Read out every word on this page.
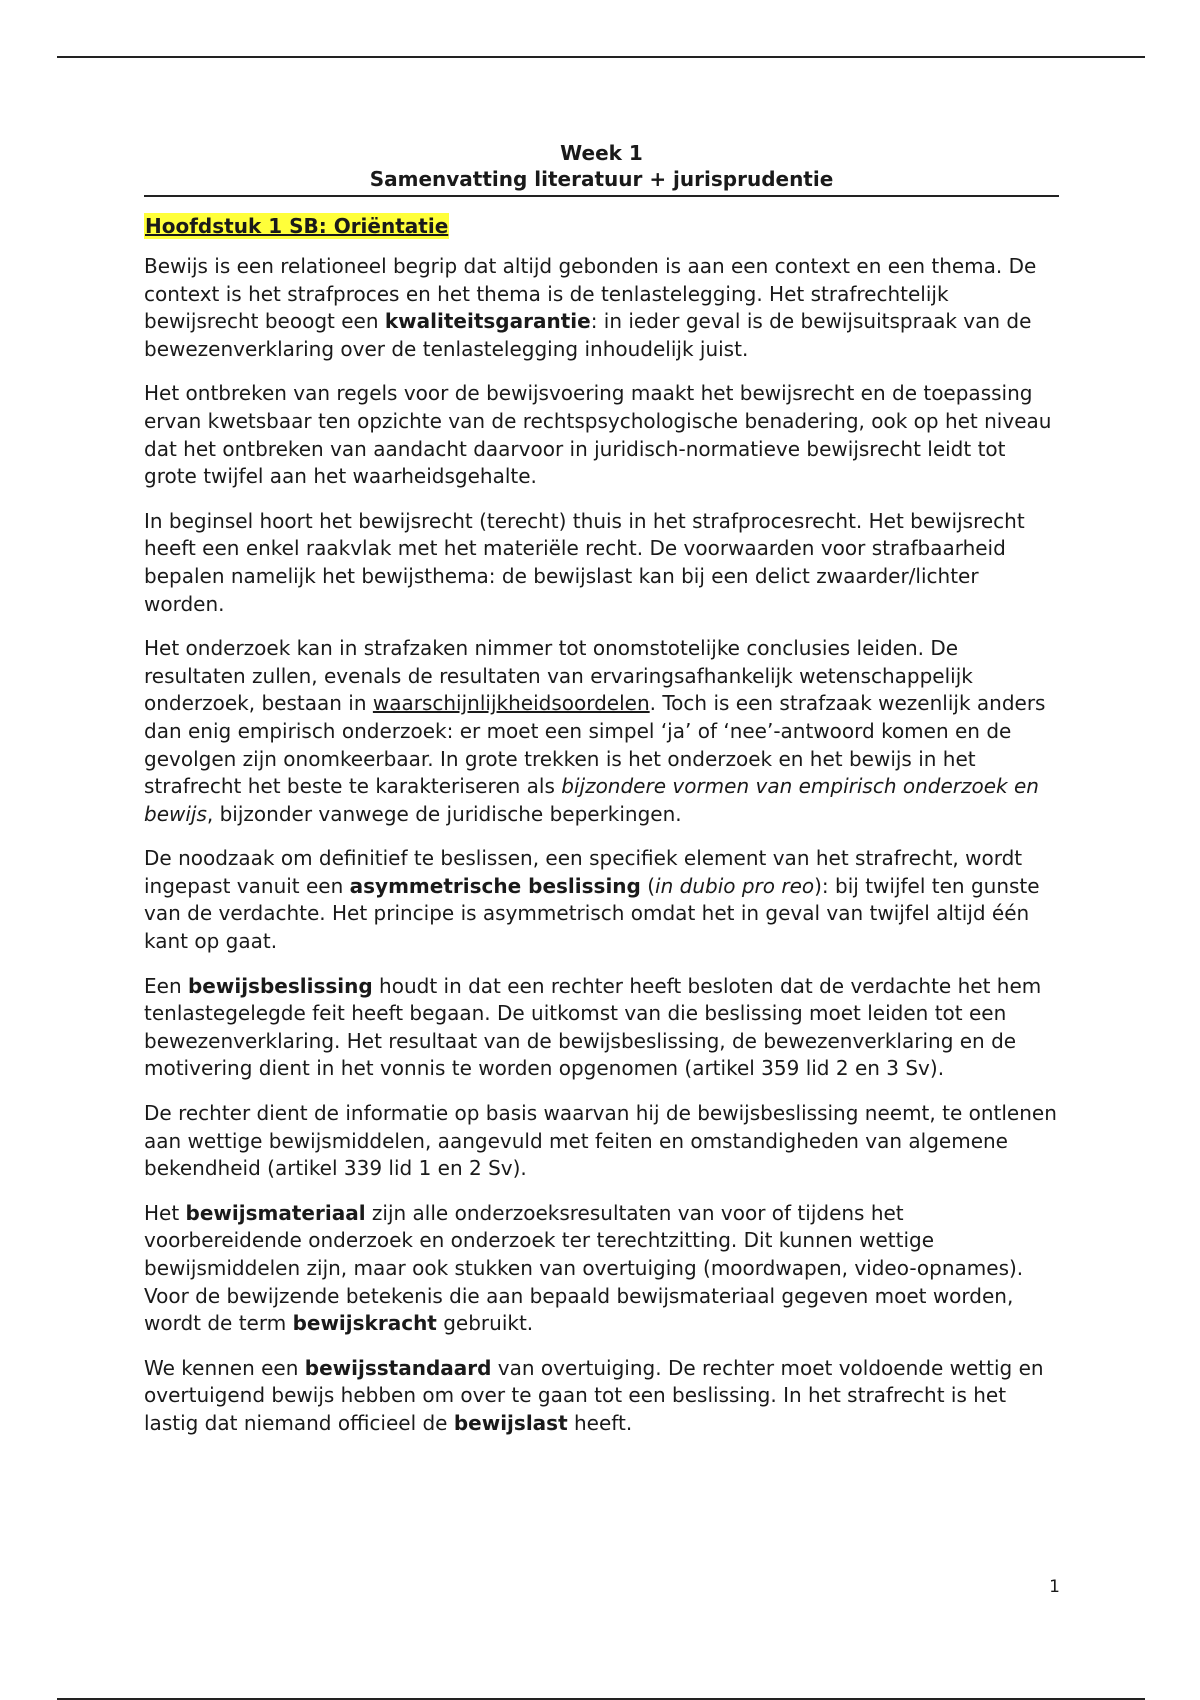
Week 1
Samenvatting literatuur + jurisprudentie
Hoofdstuk 1 SB: Oriëntatie

Bewijs is een relationeel begrip dat altijd gebonden is aan een context en een thema. De context is het strafproces en het thema is de tenlastelegging. Het strafrechtelijk bewijsrecht beoogt een kwaliteitsgarantie: in ieder geval is de bewijsuitspraak van de bewezenverklaring over de tenlastelegging inhoudelijk juist.

Het ontbreken van regels voor de bewijsvoering maakt het bewijsrecht en de toepassing ervan kwetsbaar ten opzichte van de rechtspsychologische benadering, ook op het niveau dat het ontbreken van aandacht daarvoor in juridisch-normatieve bewijsrecht leidt tot grote twijfel aan het waarheidsgehalte.

In beginsel hoort het bewijsrecht (terecht) thuis in het strafprocesrecht. Het bewijsrecht heeft een enkel raakvlak met het materiële recht. De voorwaarden voor strafbaarheid bepalen namelijk het bewijsthema: de bewijslast kan bij een delict zwaarder/lichter worden.

Het onderzoek kan in strafzaken nimmer tot onomstotelijke conclusies leiden. De resultaten zullen, evenals de resultaten van ervaringsafhankelijk wetenschappelijk onderzoek, bestaan in waarschijnlijkheidsoordelen. Toch is een strafzaak wezenlijk anders dan enig empirisch onderzoek: er moet een simpel ‘ja’ of ‘nee’-antwoord komen en de gevolgen zijn onomkeerbaar. In grote trekken is het onderzoek en het bewijs in het strafrecht het beste te karakteriseren als bijzondere vormen van empirisch onderzoek en bewijs, bijzonder vanwege de juridische beperkingen.

De noodzaak om definitief te beslissen, een specifiek element van het strafrecht, wordt ingepast vanuit een asymmetrische beslissing (in dubio pro reo): bij twijfel ten gunste van de verdachte. Het principe is asymmetrisch omdat het in geval van twijfel altijd één kant op gaat.

Een bewijsbeslissing houdt in dat een rechter heeft besloten dat de verdachte het hem tenlastegelegde feit heeft begaan. De uitkomst van die beslissing moet leiden tot een bewezenverklaring. Het resultaat van de bewijsbeslissing, de bewezenverklaring en de motivering dient in het vonnis te worden opgenomen (artikel 359 lid 2 en 3 Sv).

De rechter dient de informatie op basis waarvan hij de bewijsbeslissing neemt, te ontlenen aan wettige bewijsmiddelen, aangevuld met feiten en omstandigheden van algemene bekendheid (artikel 339 lid 1 en 2 Sv).

Het bewijsmateriaal zijn alle onderzoeksresultaten van voor of tijdens het voorbereidende onderzoek en onderzoek ter terechtzitting. Dit kunnen wettige bewijsmiddelen zijn, maar ook stukken van overtuiging (moordwapen, video-opnames). Voor de bewijzende betekenis die aan bepaald bewijsmateriaal gegeven moet worden, wordt de term bewijskracht gebruikt.

We kennen een bewijsstandaard van overtuiging. De rechter moet voldoende wettig en overtuigend bewijs hebben om over te gaan tot een beslissing. In het strafrecht is het lastig dat niemand officieel de bewijslast heeft.

1
